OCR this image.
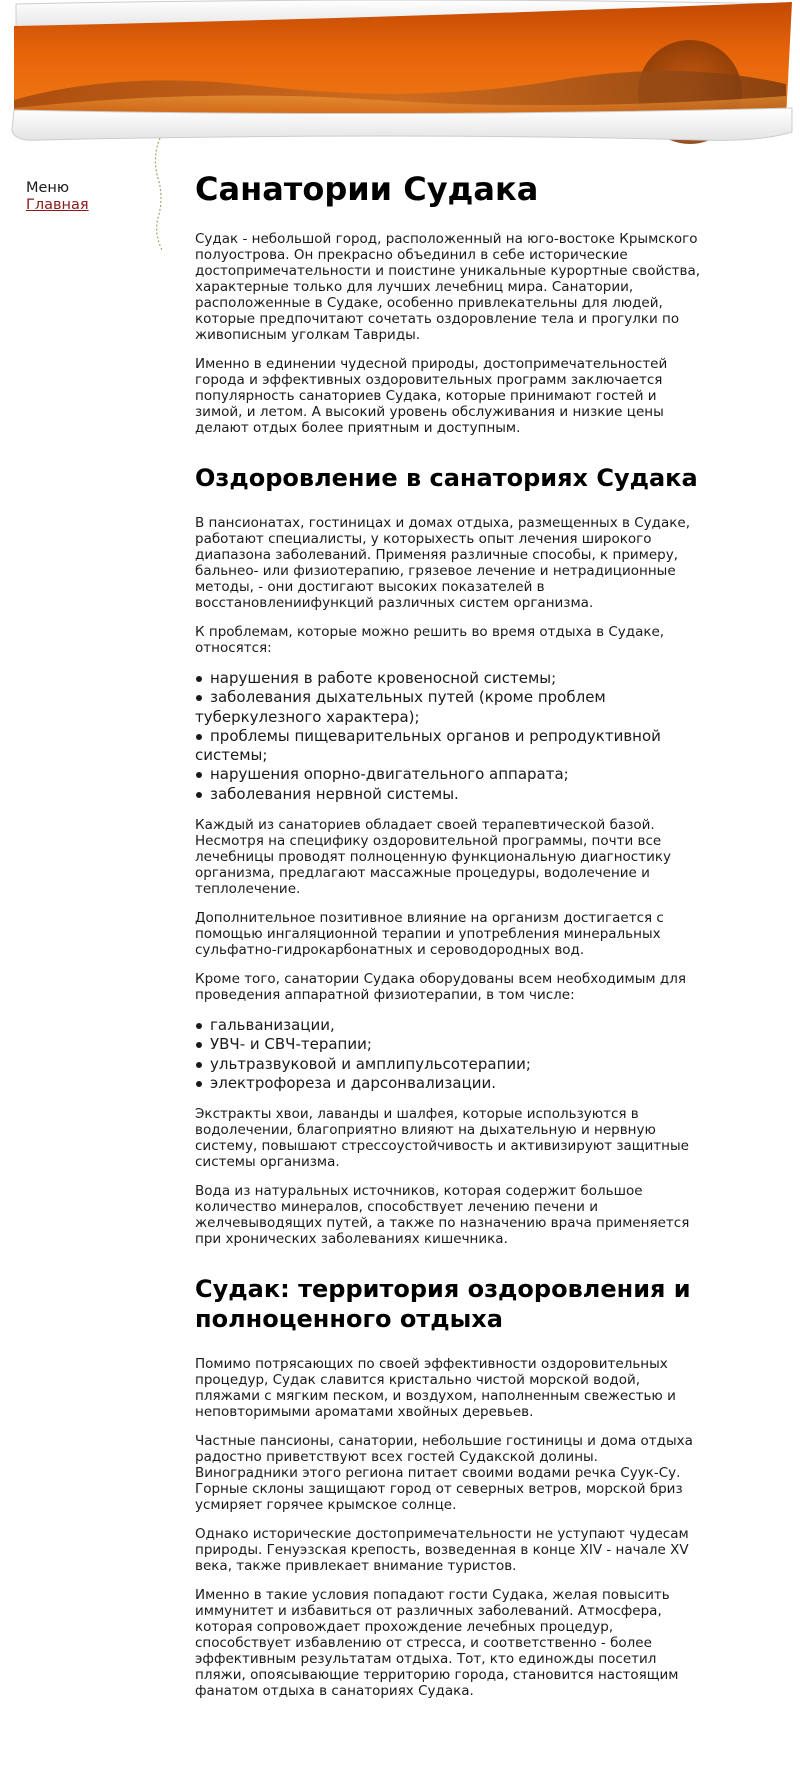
Меню
Главная	Санатории Судака

Судак - небольшой город, расположенный на юго-востоке Крымского полуострова. Он прекрасно объединил в себе исторические достопримечательности и поистине уникальные курортные свойства, характерные только для лучших лечебниц мира. Санатории, расположенные в Судаке, особенно привлекательны для людей, которые предпочитают сочетать оздоровление тела и прогулки по живописным уголкам Тавриды.

Именно в единении чудесной природы, достопримечательностей города и эффективных оздоровительных программ заключается популярность санаториев Судака, которые принимают гостей и зимой, и летом. А высокий уровень обслуживания и низкие цены делают отдых более приятным и доступным.

Оздоровление в санаториях Судака

В пансионатах, гостиницах и домах отдыха, размещенных в Судаке, работают специалисты, у которыхесть опыт лечения широкого диапазона заболеваний. Применяя различные способы, к примеру, бальнео- или физиотерапию, грязевое лечение и нетрадиционные методы, - они достигают высоких показателей в восстановлениифункций различных систем организма.

К проблемам, которые можно решить во время отдыха в Судаке, относятся:

нарушения в работе кровеносной системы;
заболевания дыхательных путей (кроме проблем
туберкулезного характера);
проблемы пищеварительных органов и репродуктивной
системы;
нарушения опорно-двигательного аппарата;
заболевания нервной системы.

Каждый из санаториев обладает своей терапевтической базой. Несмотря на специфику оздоровительной программы, почти все лечебницы проводят полноценную функциональную диагностику организма, предлагают массажные процедуры, водолечение и теплолечение.

Дополнительное позитивное влияние на организм достигается с помощью ингаляционной терапии и употребления минеральных сульфатно-гидрокарбонатных и сероводородных вод.

Кроме того, санатории Судака оборудованы всем необходимым для проведения аппаратной физиотерапии, в том числе:

гальванизации,
УВЧ- и СВЧ-терапии;
ультразвуковой и амплипульсотерапии;
электрофореза и дарсонвализации.

Экстракты хвои, лаванды и шалфея, которые используются в водолечении, благоприятно влияют на дыхательную и нервную систему, повышают стрессоустойчивость и активизируют защитные системы организма.

Вода из натуральных источников, которая содержит большое количество минералов, способствует лечению печени и желчевыводящих путей, а также по назначению врача применяется при хронических заболеваниях кишечника.

Судак: территория оздоровления и полноценного отдыха

Помимо потрясающих по своей эффективности оздоровительных процедур, Судак славится кристально чистой морской водой, пляжами с мягким песком, и воздухом, наполненным свежестью и неповторимыми ароматами хвойных деревьев.

Частные пансионы, санатории, небольшие гостиницы и дома отдыха радостно приветствуют всех гостей Судакской долины. Виноградники этого региона питает своими водами речка Суук-Су. Горные склоны защищают город от северных ветров, морской бриз усмиряет горячее крымское солнце.

Однако исторические достопримечательности не уступают чудесам природы. Генуэзская крепость, возведенная в конце XIV - начале XV века, также привлекает внимание туристов.

Именно в такие условия попадают гости Судака, желая повысить иммунитет и избавиться от различных заболеваний. Атмосфера, которая сопровождает прохождение лечебных процедур, способствует избавлению от стресса, и соответственно - более эффективным результатам отдыха. Тот, кто единожды посетил пляжи, опоясывающие территорию города, становится настоящим фанатом отдыха в санаториях Судака.
